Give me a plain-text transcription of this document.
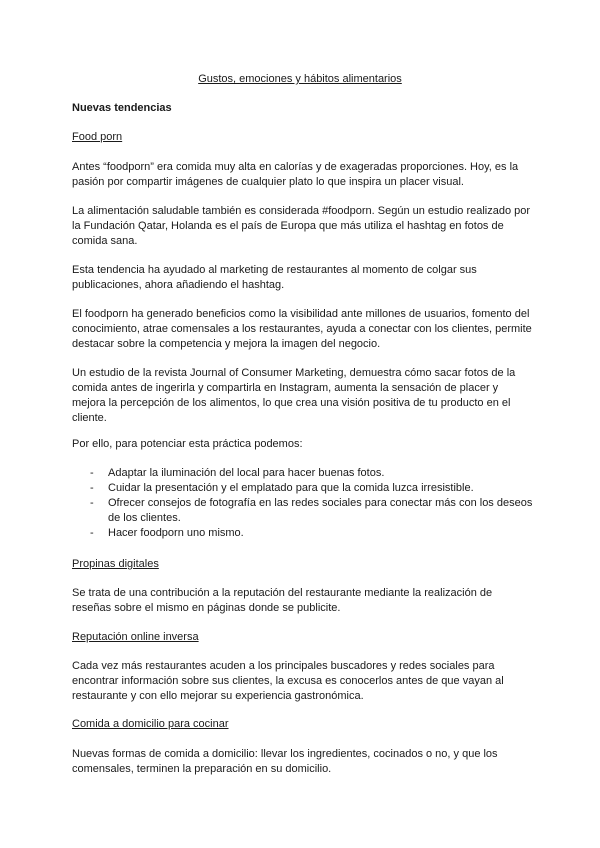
Gustos, emociones y hábitos alimentarios
Nuevas tendencias
Food porn

Antes “foodporn” era comida muy alta en calorías y de exageradas proporciones. Hoy, es la pasión por compartir imágenes de cualquier plato lo que inspira un placer visual.

La alimentación saludable también es considerada #foodporn. Según un estudio realizado por la Fundación Qatar, Holanda es el país de Europa que más utiliza el hashtag en fotos de comida sana.

Esta tendencia ha ayudado al marketing de restaurantes al momento de colgar sus publicaciones, ahora añadiendo el hashtag.

El foodporn ha generado beneficios como la visibilidad ante millones de usuarios, fomento del conocimiento, atrae comensales a los restaurantes, ayuda a conectar con los clientes, permite destacar sobre la competencia y mejora la imagen del negocio.

Un estudio de la revista Journal of Consumer Marketing, demuestra cómo sacar fotos de la comida antes de ingerirla y compartirla en Instagram, aumenta la sensación de placer y mejora la percepción de los alimentos, lo que crea una visión positiva de tu producto en el cliente.

Por ello, para potenciar esta práctica podemos:

- Adaptar la iluminación del local para hacer buenas fotos.
- Cuidar la presentación y el emplatado para que la comida luzca irresistible.
- Ofrecer consejos de fotografía en las redes sociales para conectar más con los deseos de los clientes.
- Hacer foodporn uno mismo.
Propinas digitales

Se trata de una contribución a la reputación del restaurante mediante la realización de reseñas sobre el mismo en páginas donde se publicite.

Reputación online inversa

Cada vez más restaurantes acuden a los principales buscadores y redes sociales para encontrar información sobre sus clientes, la excusa es conocerlos antes de que vayan al restaurante y con ello mejorar su experiencia gastronómica.

Comida a domicilio para cocinar

Nuevas formas de comida a domicilio: llevar los ingredientes, cocinados o no, y que los comensales, terminen la preparación en su domicilio.
